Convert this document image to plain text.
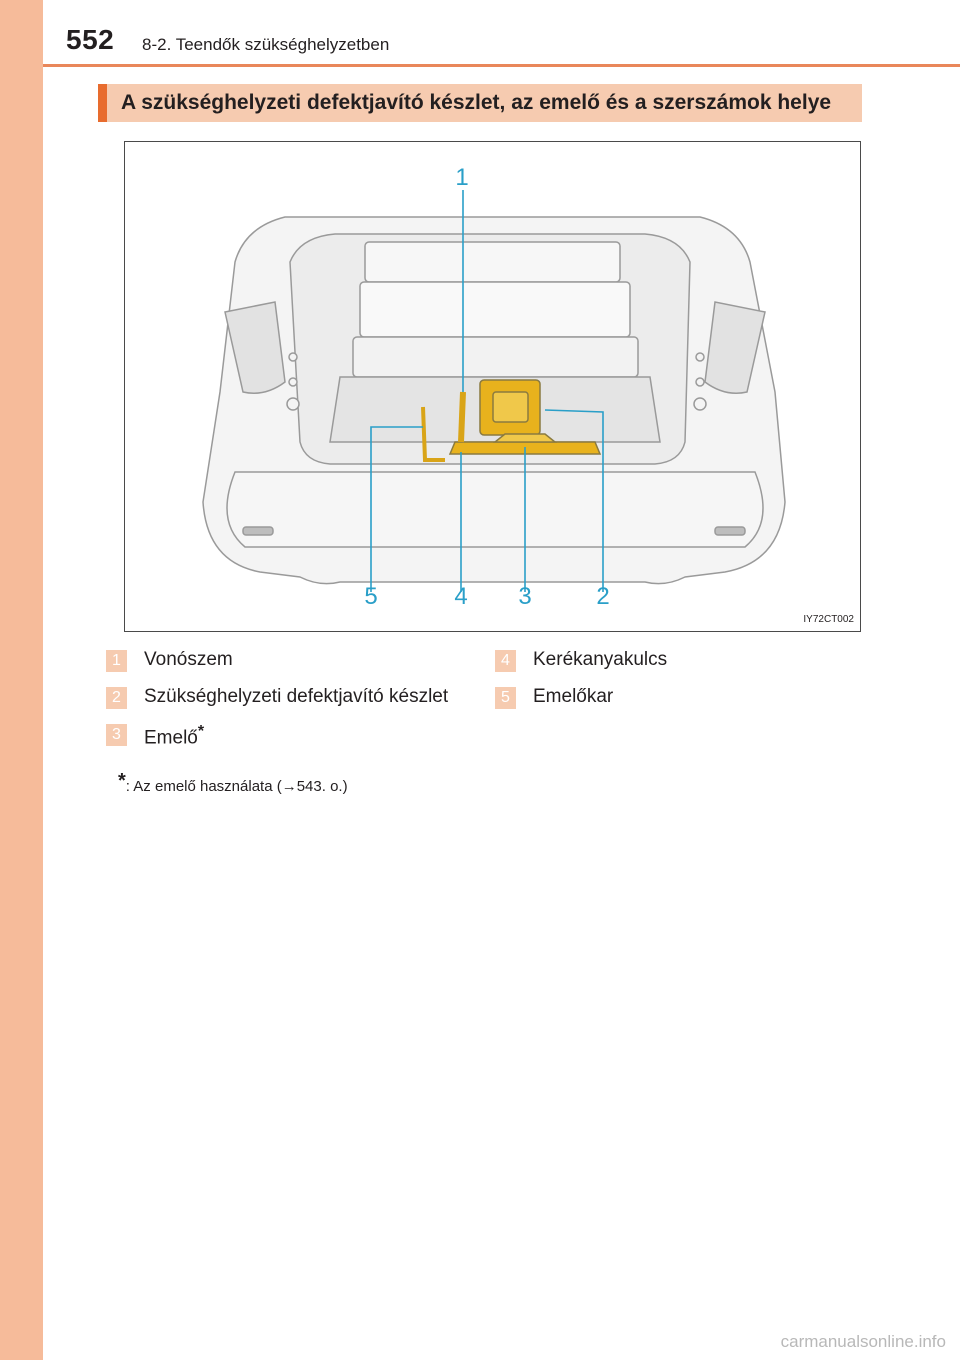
552 8-2. Teendők szükséghelyzetben
A szükséghelyzeti defektjavító készlet, az emelő és a szerszámok helye
1
5	4	3	2
IY72CT002
1	Vonószem
2	Szükséghelyzeti defektjavító készlet
3	Emelő*
4	Kerékanyakulcs
5	Emelőkar
*: Az emelő használata (→543. o.)
carmanualsonline.info
